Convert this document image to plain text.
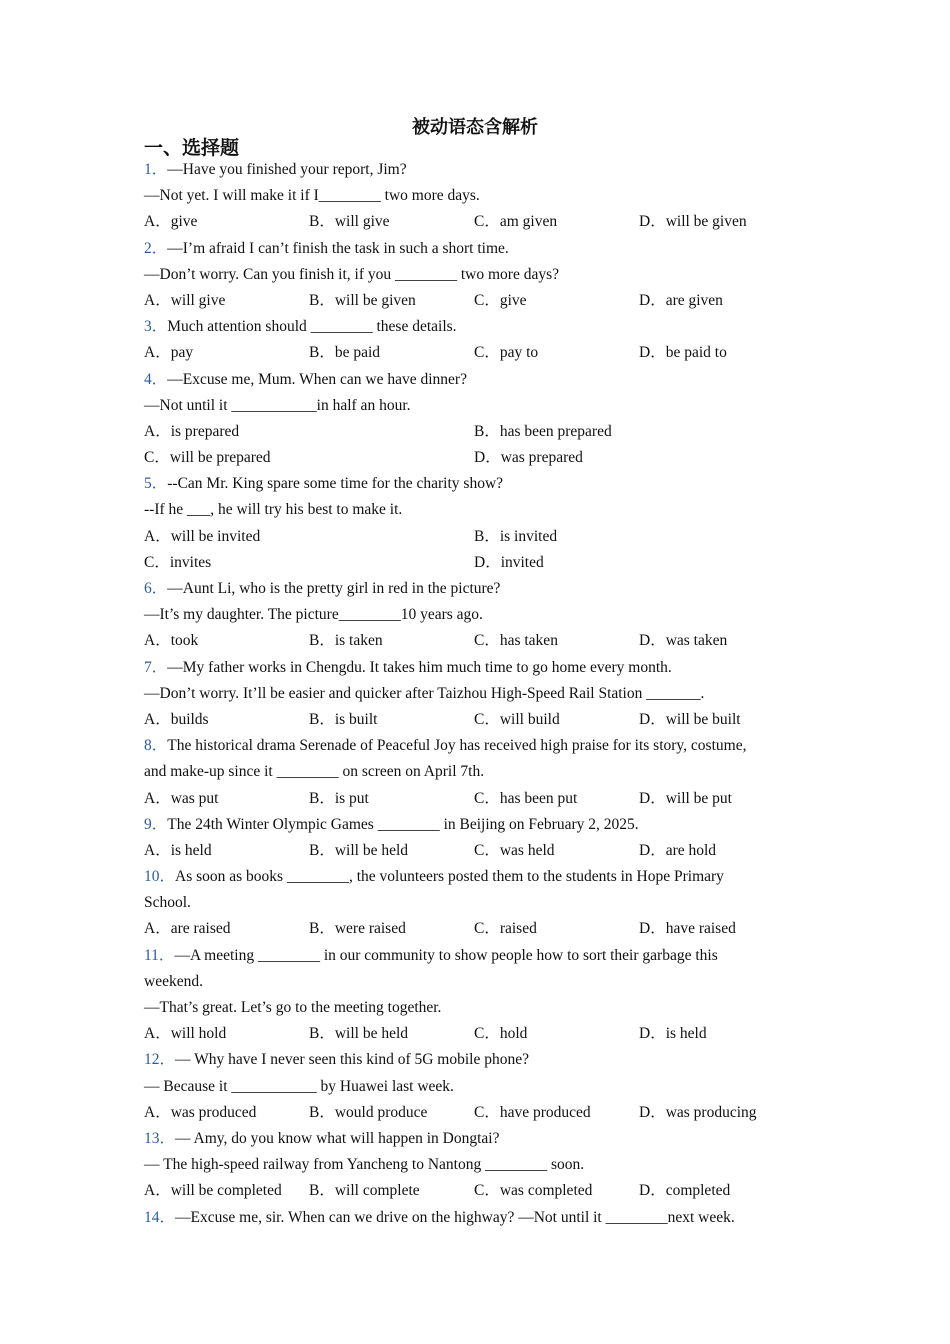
被动语态含解析
一、选择题
1．—Have you finished your report, Jim?
—Not yet. I will make it if I________ two more days.
A．give	B．will give	C．am given	D．will be given
2．—I’m afraid I can’t finish the task in such a short time.
—Don’t worry. Can you finish it, if you ________ two more days?
A．will give	B．will be given	C．give	D．are given
3．Much attention should ________ these details.
A．pay	B．be paid	C．pay to	D．be paid to
4．—Excuse me, Mum. When can we have dinner?
—Not until it ___________in half an hour.
A．is prepared	B．has been prepared
C．will be prepared	D．was prepared
5．--Can Mr. King spare some time for the charity show?
--If he ___, he will try his best to make it.
A．will be invited	B．is invited
C．invites	D．invited
6．—Aunt Li, who is the pretty girl in red in the picture?
—It’s my daughter. The picture________10 years ago.
A．took	B．is taken	C．has taken	D．was taken
7．—My father works in Chengdu. It takes him much time to go home every month.
—Don’t worry. It’ll be easier and quicker after Taizhou High-Speed Rail Station _______.
A．builds	B．is built	C．will build	D．will be built
8．The historical drama Serenade of Peaceful Joy has received high praise for its story, costume,
and make-up since it ________ on screen on April 7th.
A．was put	B．is put	C．has been put	D．will be put
9．The 24th Winter Olympic Games ________ in Beijing on February 2, 2025.
A．is held	B．will be held	C．was held	D．are hold
10．As soon as books ________, the volunteers posted them to the students in Hope Primary
School.
A．are raised	B．were raised	C．raised	D．have raised
11．—A meeting ________ in our community to show people how to sort their garbage this
weekend.
—That’s great. Let’s go to the meeting together.
A．will hold	B．will be held	C．hold	D．is held
12．— Why have I never seen this kind of 5G mobile phone?
— Because it ___________ by Huawei last week.
A．was produced	B．would produce	C．have produced	D．was producing
13．— Amy, do you know what will happen in Dongtai?
— The high-speed railway from Yancheng to Nantong ________ soon.
A．will be completed	B．will complete	C．was completed	D．completed
14．—Excuse me, sir. When can we drive on the highway? —Not until it ________next week.
